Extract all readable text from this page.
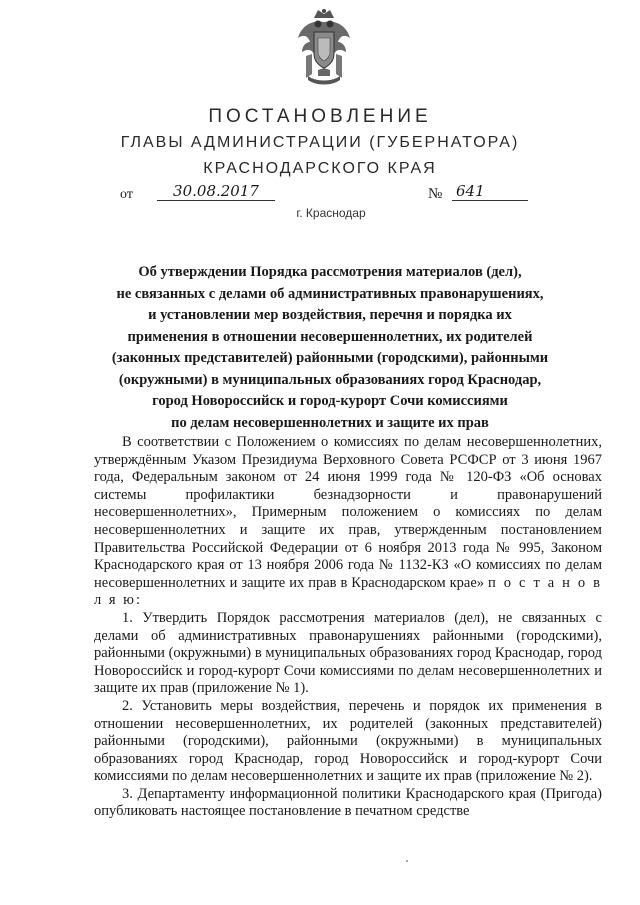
ПОСТАНОВЛЕНИЕ
ГЛАВЫ АДМИНИСТРАЦИИ (ГУБЕРНАТОРА)
КРАСНОДАРСКОГО КРАЯ
от	30.08.2017	№ 641
г. Краснодар
Об утверждении Порядка рассмотрения материалов (дел),
не связанных с делами об административных правонарушениях,
и установлении мер воздействия, перечня и порядка их
применения в отношении несовершеннолетних, их родителей
(законных представителей) районными (городскими), районными
(окружными) в муниципальных образованиях город Краснодар,
город Новороссийск и город-курорт Сочи комиссиями
по делам несовершеннолетних и защите их прав

В соответствии с Положением о комиссиях по делам несовершеннолетних, утверждённым Указом Президиума Верховного Совета РСФСР от 3 июня 1967 года, Федеральным законом от 24 июня 1999 года № 120-ФЗ «Об основах системы профилактики безнадзорности и правонарушений несовершеннолетних», Примерным положением о комиссиях по делам несовершеннолетних и защите их прав, утвержденным постановлением Правительства Российской Федерации от 6 ноября 2013 года № 995, Законом Краснодарского края от 13 ноября 2006 года № 1132-КЗ «О комиссиях по делам несовершеннолетних и защите их прав в Краснодарском крае» п о с т а н о в л я ю:

1. Утвердить Порядок рассмотрения материалов (дел), не связанных с делами об административных правонарушениях районными (городскими), районными (окружными) в муниципальных образованиях город Краснодар, город Новороссийск и город-курорт Сочи комиссиями по делам несовершеннолетних и защите их прав (приложение № 1).

2. Установить меры воздействия, перечень и порядок их применения в отношении несовершеннолетних, их родителей (законных представителей) районными (городскими), районными (окружными) в муниципальных образованиях город Краснодар, город Новороссийск и город-курорт Сочи комиссиями по делам несовершеннолетних и защите их прав (приложение № 2).

3. Департаменту информационной политики Краснодарского края (Пригода) опубликовать настоящее постановление в печатном средстве
